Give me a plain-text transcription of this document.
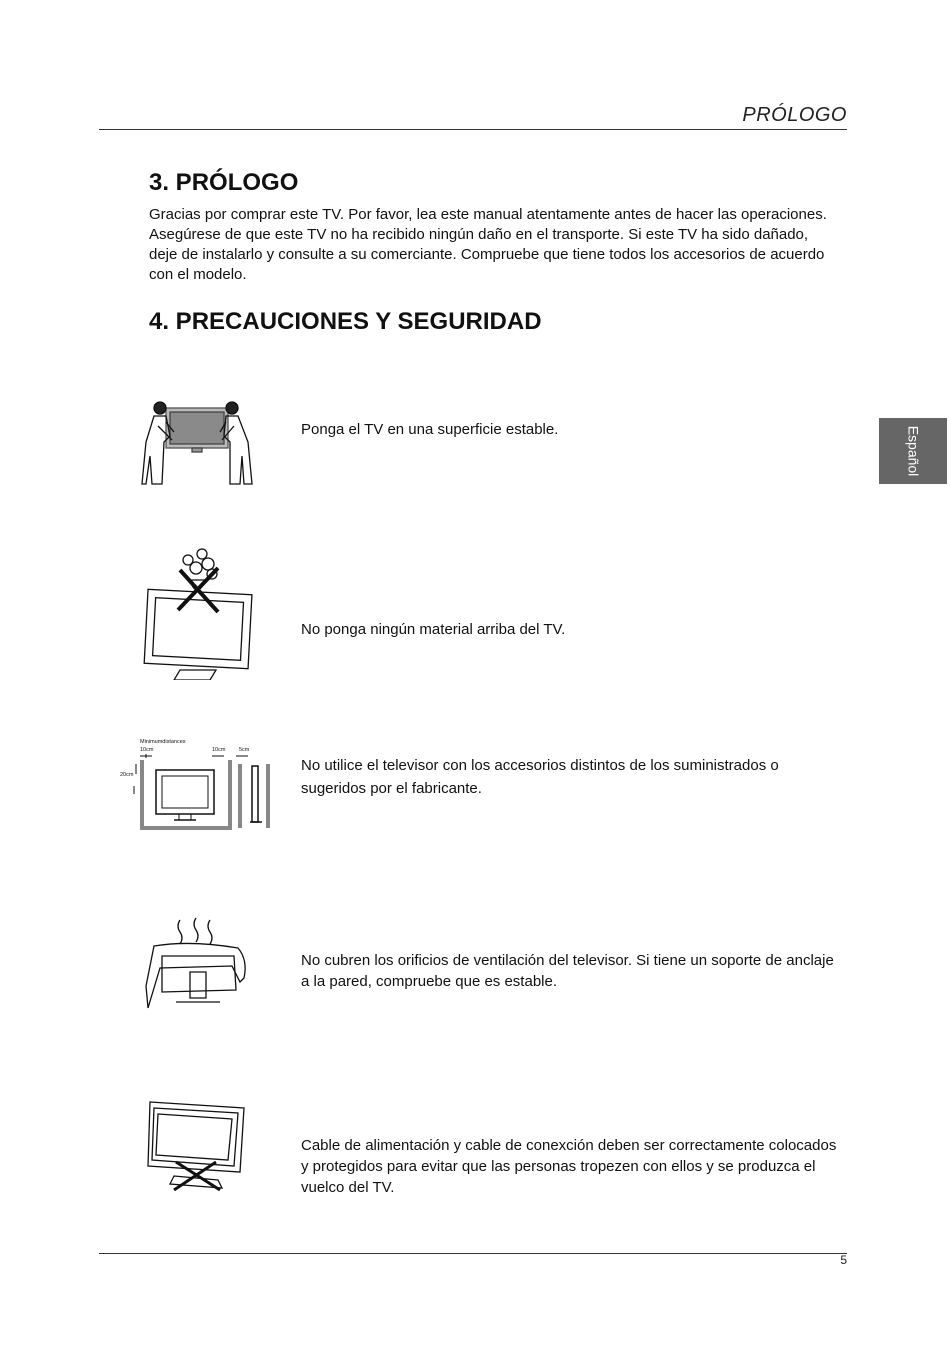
PRÓLOGO
3. PRÓLOGO

Gracias por comprar este TV. Por favor, lea este manual atentamente antes de hacer las operaciones. Asegúrese de que este TV no ha recibido ningún daño en el transporte. Si este TV ha sido dañado, deje de instalarlo y consulte a su comerciante. Compruebe que tiene todos los accesorios de acuerdo con el modelo.

4. PRECAUCIONES Y SEGURIDAD
Español

Ponga el TV en una superficie estable.

No ponga ningún material arriba del TV.

Minimumdistances
10cm	10cm 5cm
20cm

No utilice el televisor con los accesorios distintos de los suministrados o sugeridos por el fabricante.

No cubren los orificios de ventilación del televisor. Si tiene un soporte de anclaje a la pared, compruebe que es estable.

Cable de alimentación y cable de conexción deben ser correctamente colocados y protegidos para evitar que las personas tropezen con ellos y se produzca el vuelco del TV.

5
